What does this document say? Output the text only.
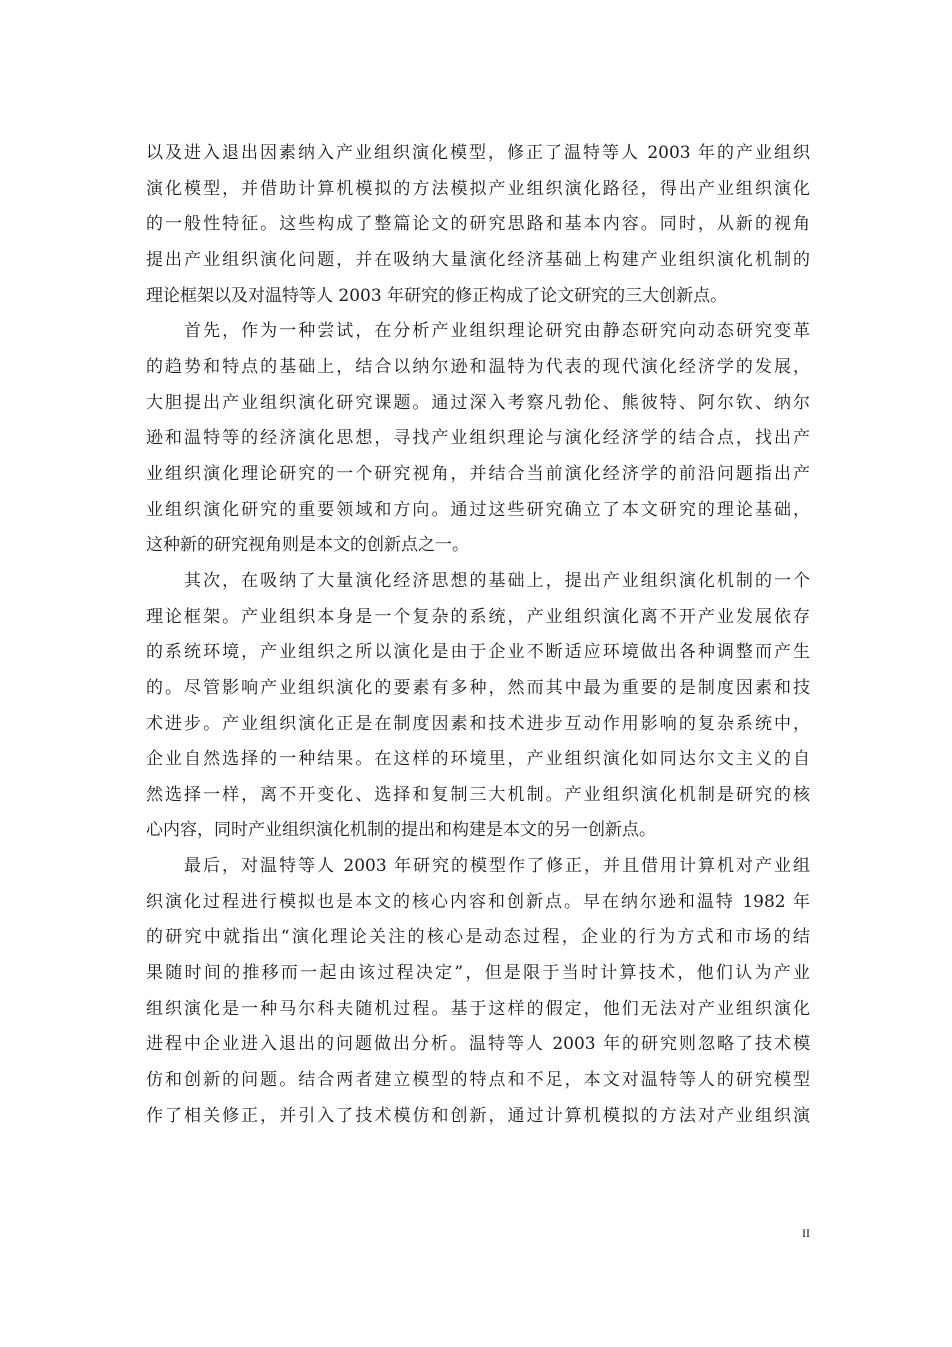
以及进入退出因素纳入产业组织演化模型，修正了温特等人 2003 年的产业组织
演化模型，并借助计算机模拟的方法模拟产业组织演化路径，得出产业组织演化
的一般性特征。这些构成了整篇论文的研究思路和基本内容。同时，从新的视角
提出产业组织演化问题，并在吸纳大量演化经济基础上构建产业组织演化机制的
理论框架以及对温特等人 2003 年研究的修正构成了论文研究的三大创新点。
　　首先，作为一种尝试，在分析产业组织理论研究由静态研究向动态研究变革
的趋势和特点的基础上，结合以纳尔逊和温特为代表的现代演化经济学的发展，
大胆提出产业组织演化研究课题。通过深入考察凡勃伦、熊彼特、阿尔钦、纳尔
逊和温特等的经济演化思想，寻找产业组织理论与演化经济学的结合点，找出产
业组织演化理论研究的一个研究视角，并结合当前演化经济学的前沿问题指出产
业组织演化研究的重要领域和方向。通过这些研究确立了本文研究的理论基础，
这种新的研究视角则是本文的创新点之一。
　　其次，在吸纳了大量演化经济思想的基础上，提出产业组织演化机制的一个
理论框架。产业组织本身是一个复杂的系统，产业组织演化离不开产业发展依存
的系统环境，产业组织之所以演化是由于企业不断适应环境做出各种调整而产生
的。尽管影响产业组织演化的要素有多种，然而其中最为重要的是制度因素和技
术进步。产业组织演化正是在制度因素和技术进步互动作用影响的复杂系统中，
企业自然选择的一种结果。在这样的环境里，产业组织演化如同达尔文主义的自
然选择一样，离不开变化、选择和复制三大机制。产业组织演化机制是研究的核
心内容，同时产业组织演化机制的提出和构建是本文的另一创新点。
　　最后，对温特等人 2003 年研究的模型作了修正，并且借用计算机对产业组
织演化过程进行模拟也是本文的核心内容和创新点。早在纳尔逊和温特 1982 年
的研究中就指出“演化理论关注的核心是动态过程，企业的行为方式和市场的结
果随时间的推移而一起由该过程决定”，但是限于当时计算技术，他们认为产业
组织演化是一种马尔科夫随机过程。基于这样的假定，他们无法对产业组织演化
进程中企业进入退出的问题做出分析。温特等人 2003 年的研究则忽略了技术模
仿和创新的问题。结合两者建立模型的特点和不足，本文对温特等人的研究模型
作了相关修正，并引入了技术模仿和创新，通过计算机模拟的方法对产业组织演
II
